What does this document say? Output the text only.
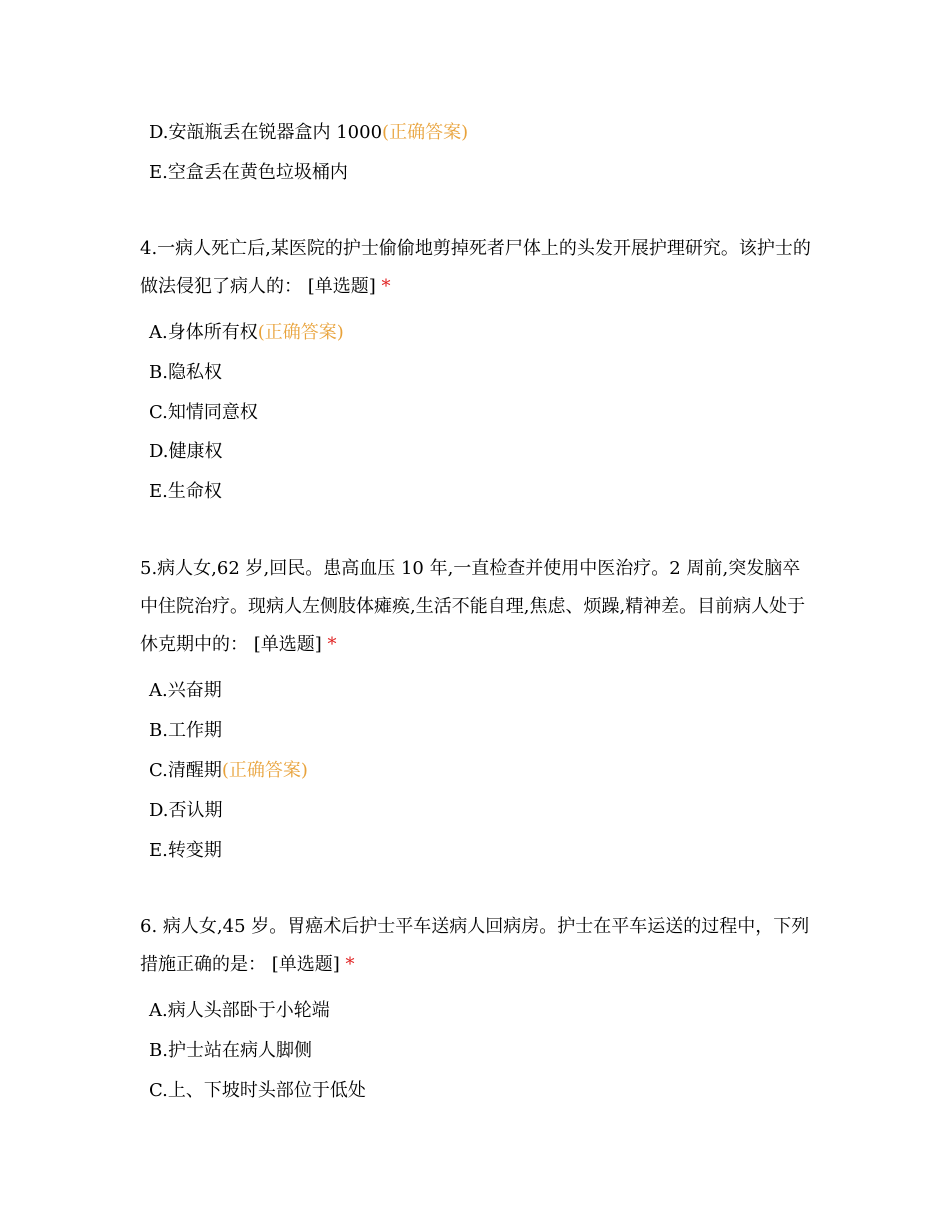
D.安瓿瓶丢在锐器盒内 1000(正确答案)
E.空盒丢在黄色垃圾桶内
4.一病人死亡后,某医院的护士偷偷地剪掉死者尸体上的头发开展护理研究。该护士的做法侵犯了病人的： [单选题] *
A.身体所有权(正确答案)
B.隐私权
C.知情同意权
D.健康权
E.生命权
5.病人女,62 岁,回民。患高血压 10 年,一直检查并使用中医治疗。2 周前,突发脑卒中住院治疗。现病人左侧肢体瘫痪,生活不能自理,焦虑、烦躁,精神差。目前病人处于休克期中的： [单选题] *
A.兴奋期
B.工作期
C.清醒期(正确答案)
D.否认期
E.转变期
6. 病人女,45 岁。胃癌术后护士平车送病人回病房。护士在平车运送的过程中，下列措施正确的是： [单选题] *
A.病人头部卧于小轮端
B.护士站在病人脚侧
C.上、下坡时头部位于低处
